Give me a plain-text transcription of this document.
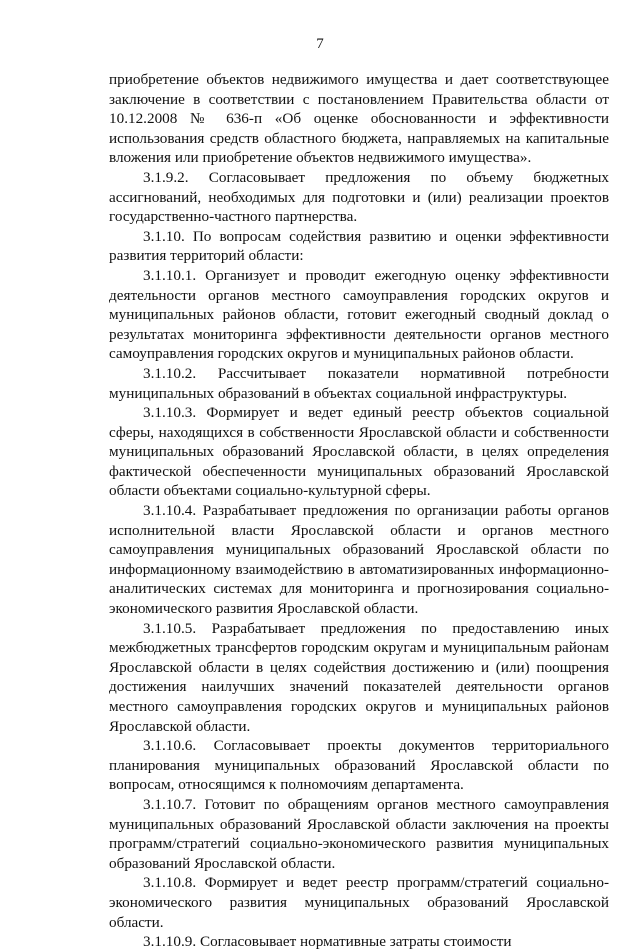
7

приобретение объектов недвижимого имущества и дает соответствующее заключение в соответствии с постановлением Правительства области от 10.12.2008 № 636-п «Об оценке обоснованности и эффективности использования средств областного бюджета, направляемых на капитальные вложения или приобретение объектов недвижимого имущества».

3.1.9.2. Согласовывает предложения по объему бюджетных ассигнований, необходимых для подготовки и (или) реализации проектов государственно-частного партнерства.

3.1.10. По вопросам содействия развитию и оценки эффективности развития территорий области:

3.1.10.1. Организует и проводит ежегодную оценку эффективности деятельности органов местного самоуправления городских округов и муниципальных районов области, готовит ежегодный сводный доклад о результатах мониторинга эффективности деятельности органов местного самоуправления городских округов и муниципальных районов области.

3.1.10.2. Рассчитывает показатели нормативной потребности муниципальных образований в объектах социальной инфраструктуры.

3.1.10.3. Формирует и ведет единый реестр объектов социальной сферы, находящихся в собственности Ярославской области и собственности муниципальных образований Ярославской области, в целях определения фактической обеспеченности муниципальных образований Ярославской области объектами социально-культурной сферы.

3.1.10.4. Разрабатывает предложения по организации работы органов исполнительной власти Ярославской области и органов местного самоуправления муниципальных образований Ярославской области по информационному взаимодействию в автоматизированных информационно-аналитических системах для мониторинга и прогнозирования социально-экономического развития Ярославской области.

3.1.10.5. Разрабатывает предложения по предоставлению иных межбюджетных трансфертов городским округам и муниципальным районам Ярославской области в целях содействия достижению и (или) поощрения достижения наилучших значений показателей деятельности органов местного самоуправления городских округов и муниципальных районов Ярославской области.

3.1.10.6. Согласовывает проекты документов территориального планирования муниципальных образований Ярославской области по вопросам, относящимся к полномочиям департамента.

3.1.10.7. Готовит по обращениям органов местного самоуправления муниципальных образований Ярославской области заключения на проекты программ/стратегий социально-экономического развития муниципальных образований Ярославской области.

3.1.10.8. Формирует и ведет реестр программ/стратегий социально-экономического развития муниципальных образований Ярославской области.

3.1.10.9. Согласовывает нормативные затраты стоимости
